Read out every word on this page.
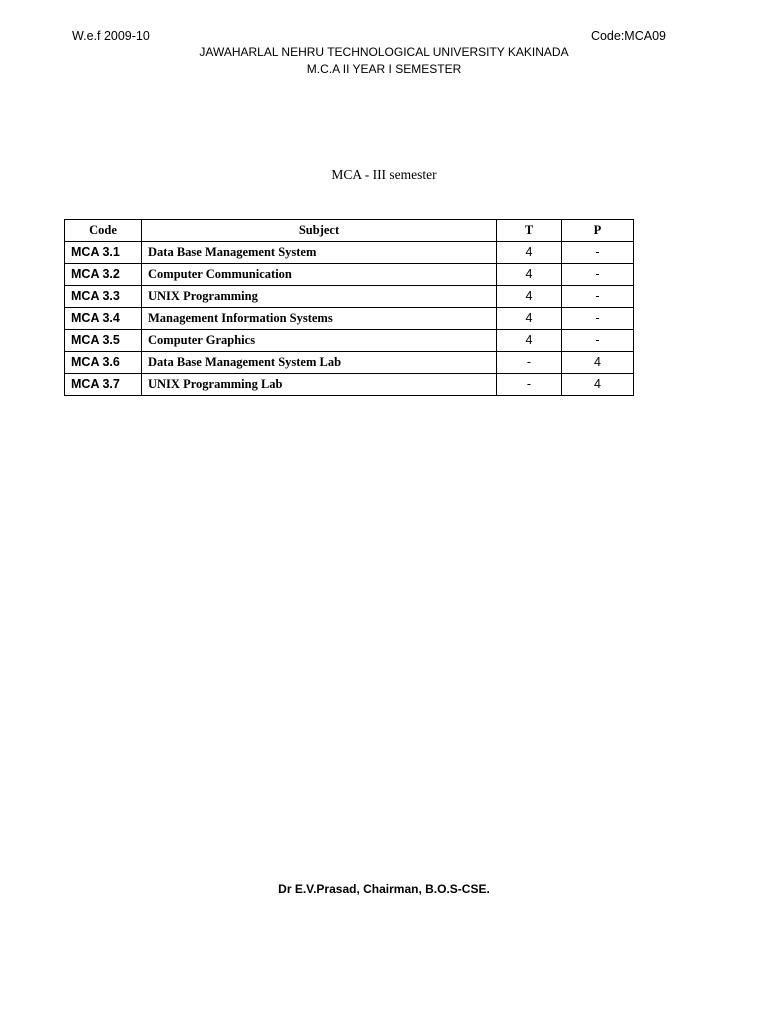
W.e.f 2009-10	Code:MCA09
JAWAHARLAL NEHRU TECHNOLOGICAL UNIVERSITY KAKINADA
M.C.A II YEAR I SEMESTER
MCA - III semester
Code	Subject	T	P
MCA 3.1	Data Base Management System	4	-
MCA 3.2	Computer Communication	4	-
MCA 3.3	UNIX Programming	4	-
MCA 3.4	Management Information Systems	4	-
MCA 3.5	Computer Graphics	4	-
MCA 3.6	Data Base Management System Lab	-	4
MCA 3.7	UNIX Programming Lab	-	4
Dr E.V.Prasad, Chairman, B.O.S-CSE.
